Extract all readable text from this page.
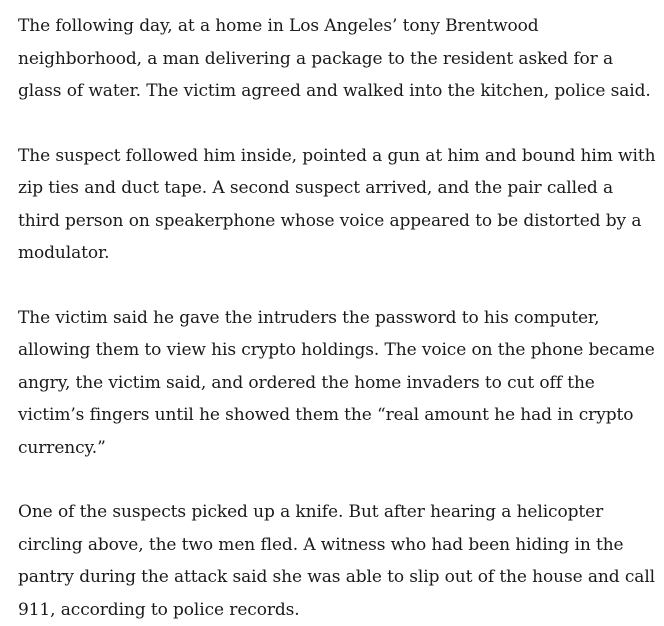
The following day, at a home in Los Angeles’ tony Brentwood neighborhood, a man delivering a package to the resident asked for a glass of water. The victim agreed and walked into the kitchen, police said.

The suspect followed him inside, pointed a gun at him and bound him with zip ties and duct tape. A second suspect arrived, and the pair called a third person on speakerphone whose voice appeared to be distorted by a modulator.

The victim said he gave the intruders the password to his computer, allowing them to view his crypto holdings. The voice on the phone became angry, the victim said, and ordered the home invaders to cut off the victim’s fingers until he showed them the “real amount he had in crypto currency.”

One of the suspects picked up a knife. But after hearing a helicopter circling above, the two men fled. A witness who had been hiding in the pantry during the attack said she was able to slip out of the house and call 911, according to police records.
